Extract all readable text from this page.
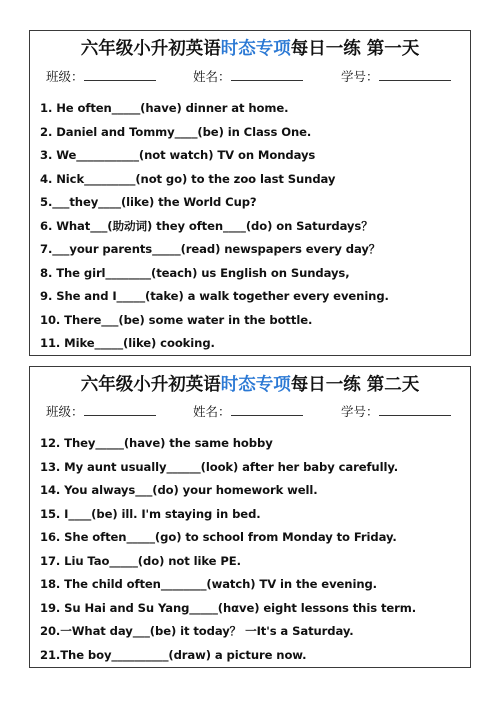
六年级小升初英语时态专项每日一练 第一天
班级：	姓名：	学号：
1. He often_____(have) dinner at home.
2. Daniel and Tommy____(be) in Class One.
3. We___________(not watch) TV on Mondays
4. Nick_________(not go) to the zoo last Sunday
5.___they____(like) the World Cup?
6. What___(助动词) they often____(do) on Saturdays？
7.___your parents_____(read) newspapers every day？
8. The girl________(teach) us English on Sundays,
9. She and I_____(take) a walk together every evening.
10. There___(be) some water in the bottle.
11. Mike_____(like) cooking.
六年级小升初英语时态专项每日一练 第二天
班级：	姓名：	学号：
12. They_____(have) the same hobby
13. My aunt usually______(look) after her baby carefully.
14. You always___(do) your homework well.
15. I____(be) ill. I'm staying in bed.
16. She often_____(go) to school from Monday to Friday.
17. Liu Tao_____(do) not like PE.
18. The child often________(watch) TV in the evening.
19. Su Hai and Su Yang_____(hαve) eight lessons this term.
20.一What day___(be) it today？ 一It's a Saturday.
21.The boy__________(draw) a picture now.
